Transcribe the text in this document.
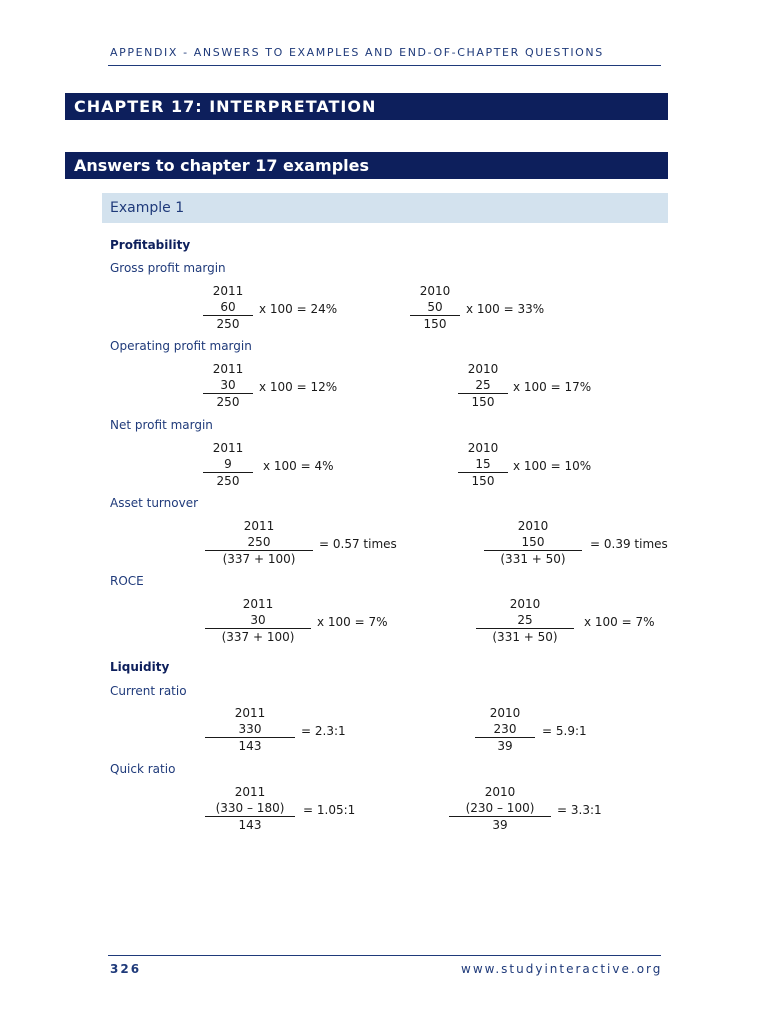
APPENDIX - ANSWERS TO EXAMPLES AND END-OF-CHAPTER QUESTIONS
CHAPTER 17: INTERPRETATION
Answers to chapter 17 examples
Example 1
Profitability
Gross profit margin
2011
60
250
x 100 = 24%
2010
50
150
x 100 = 33%
Operating profit margin
2011
30
250
x 100 = 12%
2010
25
150
x 100 = 17%
Net profit margin
2011
9
250
x 100 = 4%
2010
15
150
x 100 = 10%
Asset turnover
2011
250
(337 + 100)
= 0.57 times
2010
150
(331 + 50)
= 0.39 times
ROCE
2011
30
(337 + 100)
x 100 = 7%
2010
25
(331 + 50)
x 100 = 7%
Liquidity
Current ratio
2011
330
143
= 2.3:1
2010
230
39
= 5.9:1
Quick ratio
2011
(330 – 180)
143
= 1.05:1
2010
(230 – 100)
39
= 3.3:1
326	www.studyinteractive.org
